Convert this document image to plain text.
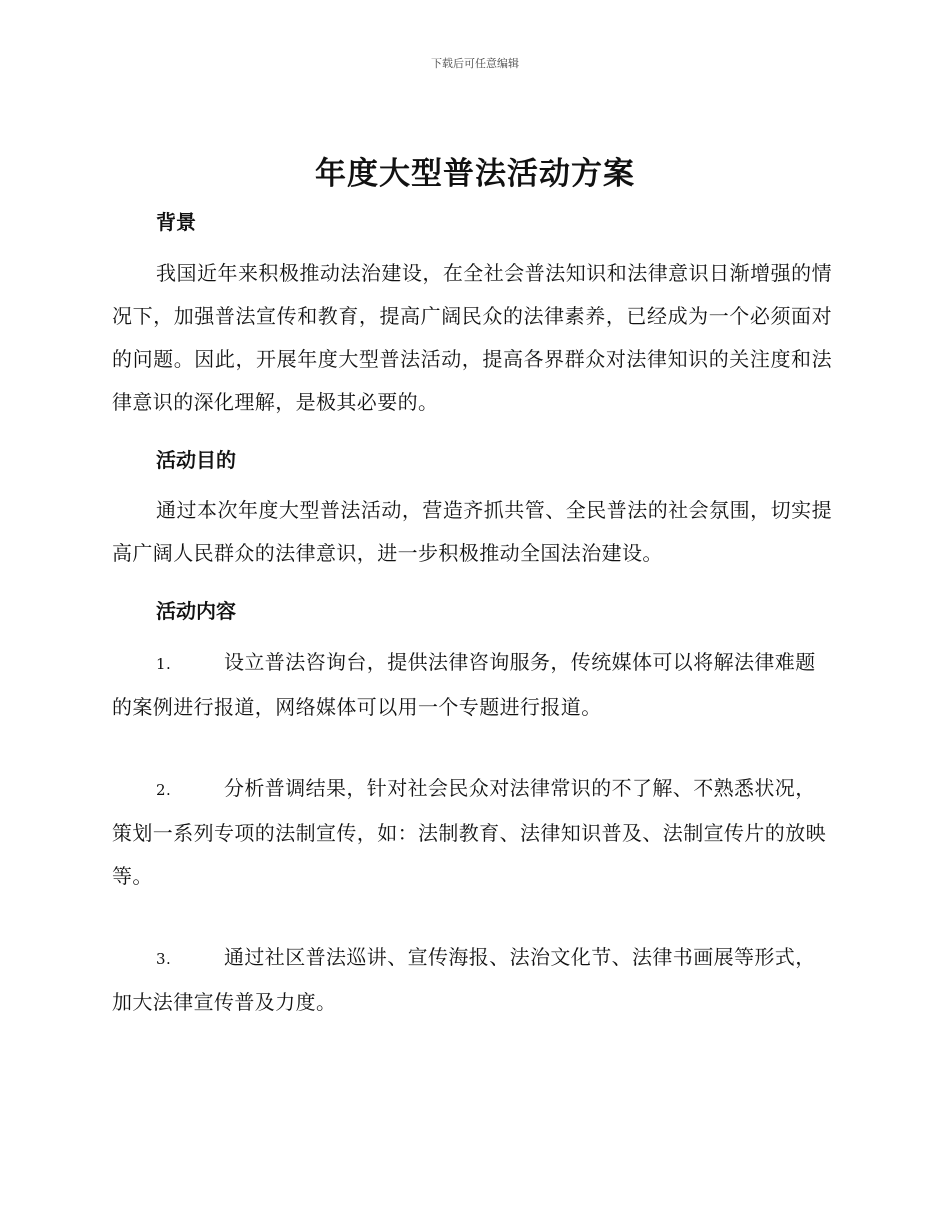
下载后可任意编辑
年度大型普法活动方案
背景
我国近年来积极推动法治建设，在全社会普法知识和法律意识日渐增强的情况下，加强普法宣传和教育，提高广阔民众的法律素养，已经成为一个必须面对的问题。因此，开展年度大型普法活动，提高各界群众对法律知识的关注度和法律意识的深化理解，是极其必要的。
活动目的
通过本次年度大型普法活动，营造齐抓共管、全民普法的社会氛围，切实提高广阔人民群众的法律意识，进一步积极推动全国法治建设。
活动内容
1.	设立普法咨询台，提供法律咨询服务，传统媒体可以将解法律难题的案例进行报道，网络媒体可以用一个专题进行报道。
2.	分析普调结果，针对社会民众对法律常识的不了解、不熟悉状况，策划一系列专项的法制宣传，如：法制教育、法律知识普及、法制宣传片的放映等。
3.	通过社区普法巡讲、宣传海报、法治文化节、法律书画展等形式，加大法律宣传普及力度。
